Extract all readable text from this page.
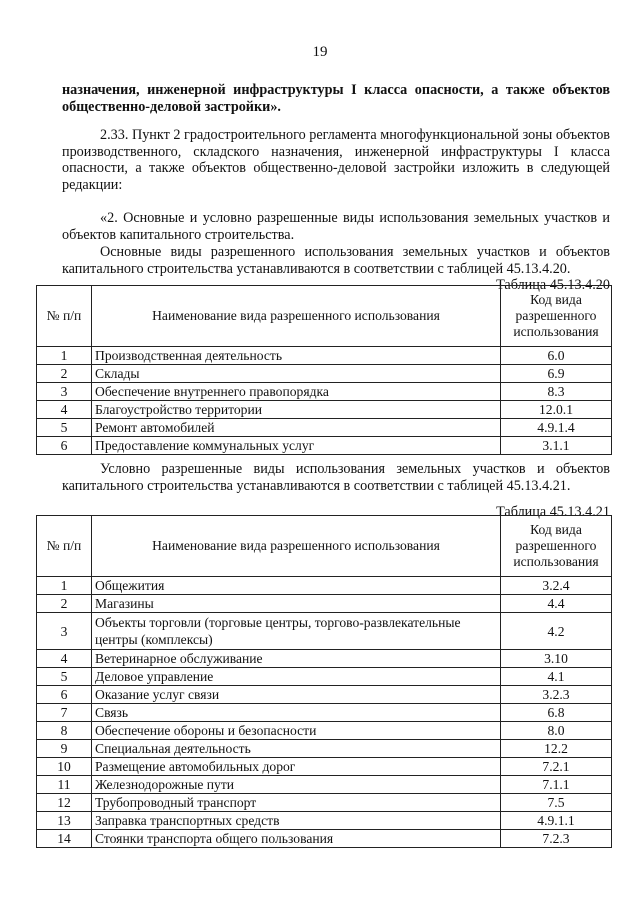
19
назначения, инженерной инфраструктуры I класса опасности, а также объектов общественно-деловой застройки».
2.33. Пункт 2 градостроительного регламента многофункциональной зоны объектов производственного, складского назначения, инженерной инфраструктуры I класса опасности, а также объектов общественно-деловой застройки изложить в следующей редакции:
«2. Основные и условно разрешенные виды использования земельных участков и объектов капитального строительства.
Основные виды разрешенного использования земельных участков и объектов капитального строительства устанавливаются в соответствии с таблицей 45.13.4.20.
Таблица 45.13.4.20
№ п/п	Наименование вида разрешенного использования	Код вида разрешенного использования
1	Производственная деятельность	6.0
2	Склады	6.9
3	Обеспечение внутреннего правопорядка	8.3
4	Благоустройство территории	12.0.1
5	Ремонт автомобилей	4.9.1.4
6	Предоставление коммунальных услуг	3.1.1
Условно разрешенные виды использования земельных участков и объектов капитального строительства устанавливаются в соответствии с таблицей 45.13.4.21.
Таблица 45.13.4.21
№ п/п	Наименование вида разрешенного использования	Код вида разрешенного использования
1	Общежития	3.2.4
2	Магазины	4.4
3	Объекты торговли (торговые центры, торгово-развлекательные центры (комплексы)	4.2
4	Ветеринарное обслуживание	3.10
5	Деловое управление	4.1
6	Оказание услуг связи	3.2.3
7	Связь	6.8
8	Обеспечение обороны и безопасности	8.0
9	Специальная деятельность	12.2
10	Размещение автомобильных дорог	7.2.1
11	Железнодорожные пути	7.1.1
12	Трубопроводный транспорт	7.5
13	Заправка транспортных средств	4.9.1.1
14	Стоянки транспорта общего пользования	7.2.3
